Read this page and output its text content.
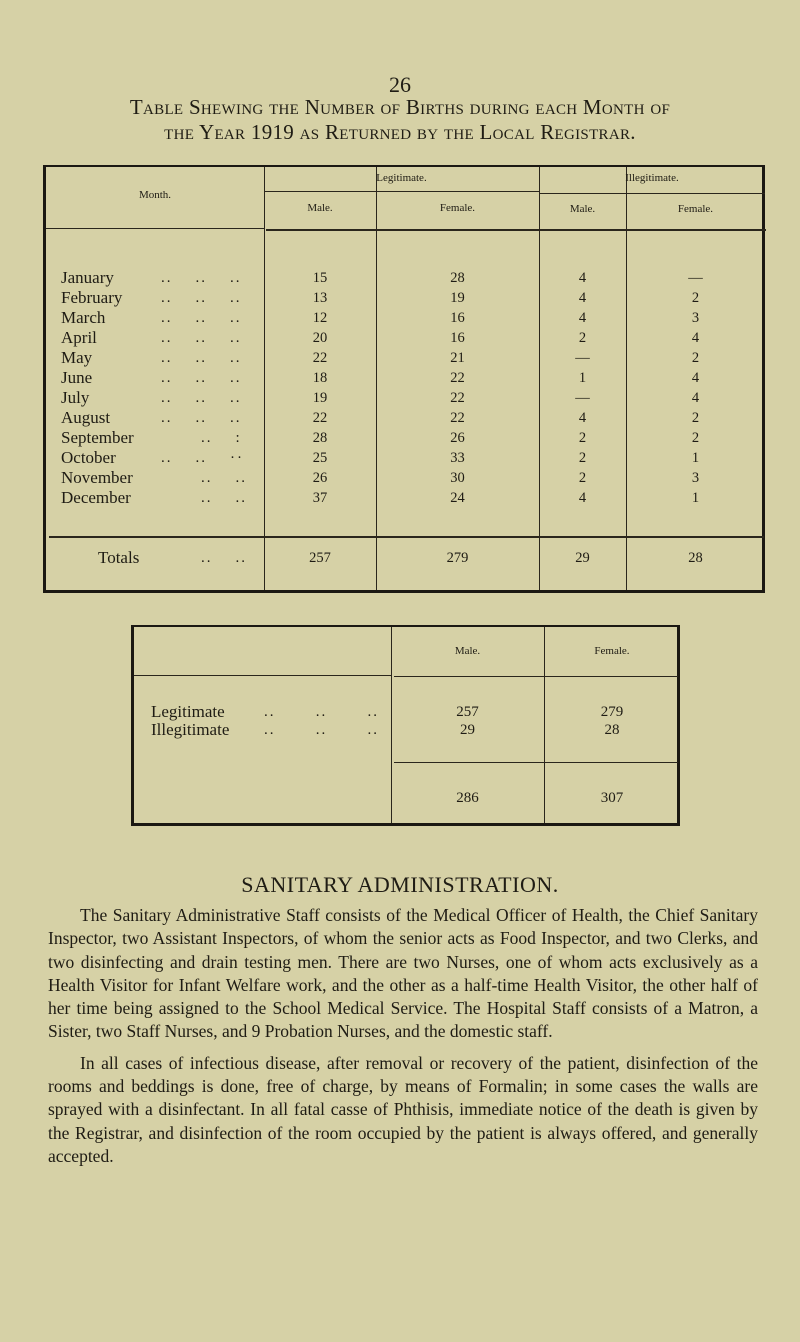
26
Table Shewing the Number of Births during each Month of
the Year 1919 as Returned by the Local Registrar.
Month.
Legitimate.	Illegitimate.
Male.	Female.	Male.	Female.
January	..    ..    ..	15	28	4	—
February	..    ..    ..	13	19	4	2
March	..    ..    ..	12	16	4	3
April	..    ..    ..	20	16	2	4
May	..    ..    ..	22	21	—	2
June	..    ..    ..	18	22	1	4
July	..    ..    ..	19	22	—	4
August	..    ..    ..	22	22	4	2
September	..    :	28	26	2	2
October	..    ..    ··	25	33	2	1
November	..    ..	26	30	2	3
December	..    ..	37	24	4	1
Totals	..    ..	257	279	29	28
Male.	Female.
Legitimate	..       ..       ..	257	279
Illegitimate ..       ..       ..	29	28
286	307
SANITARY ADMINISTRATION.

The Sanitary Administrative Staff consists of the Medical Officer of Health, the Chief Sanitary Inspector, two Assistant Inspectors, of whom the senior acts as Food Inspector, and two Clerks, and two disinfecting and drain testing men. There are two Nurses, one of whom acts exclusively as a Health Visitor for Infant Welfare work, and the other as a half-time Health Visitor, the other half of her time being assigned to the School Medical Service. The Hospital Staff consists of a Matron, a Sister, two Staff Nurses, and 9 Probation Nurses, and the domestic staff.

In all cases of infectious disease, after removal or recovery of the patient, disinfection of the rooms and beddings is done, free of charge, by means of Formalin; in some cases the walls are sprayed with a disinfectant. In all fatal casse of Phthisis, immediate notice of the death is given by the Registrar, and disinfection of the room occupied by the patient is always offered, and generally accepted.
